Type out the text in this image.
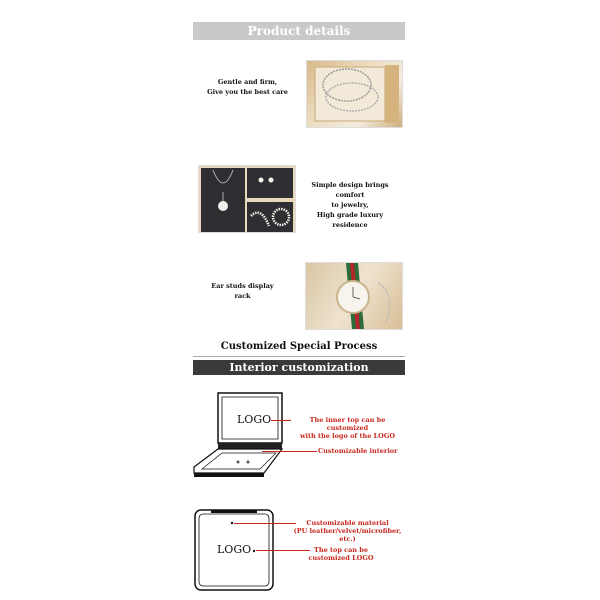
Product details
Gentle and firm,
Give you the best care
Simple design brings comfort
to jewelry,
High grade luxury residence
Ear studs display rack
Customized Special Process
Interior customization
LOGO	The inner top can be customized
with the logo of the LOGO
Customizable interior
LOGO
Customizable material
(PU leather/velvet/microfiber, etc.)
The top can be
customized LOGO
